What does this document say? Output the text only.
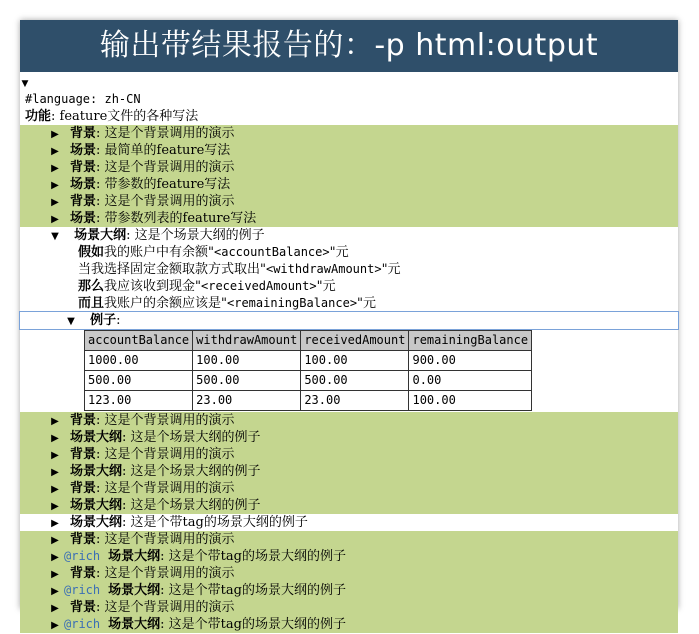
输出带结果报告的：-p html:output
▼
#language: zh-CN
功能: feature文件的各种写法
▶ 背景: 这是个背景调用的演示
▶ 场景: 最简单的feature写法
▶ 背景: 这是个背景调用的演示
▶ 场景: 带参数的feature写法
▶ 背景: 这是个背景调用的演示
▶ 场景: 带参数列表的feature写法
▼ 场景大纲: 这是个场景大纲的例子
假如我的账户中有余额"<accountBalance>"元
当我选择固定金额取款方式取出"<withdrawAmount>"元
那么我应该收到现金"<receivedAmount>"元
而且我账户的余额应该是"<remainingBalance>"元
▼ 例子:
accountBalance	withdrawAmount	receivedAmount	remainingBalance
1000.00	100.00	100.00	900.00
500.00	500.00	500.00	0.00
123.00	23.00	23.00	100.00
▶ 背景: 这是个背景调用的演示
▶ 场景大纲: 这是个场景大纲的例子
▶ 背景: 这是个背景调用的演示
▶ 场景大纲: 这是个场景大纲的例子
▶ 背景: 这是个背景调用的演示
▶ 场景大纲: 这是个场景大纲的例子
▶ 场景大纲: 这是个带tag的场景大纲的例子
▶ 背景: 这是个背景调用的演示
▶ @rich 场景大纲: 这是个带tag的场景大纲的例子
▶ 背景: 这是个背景调用的演示
▶ @rich 场景大纲: 这是个带tag的场景大纲的例子
▶ 背景: 这是个背景调用的演示
▶ @rich 场景大纲: 这是个带tag的场景大纲的例子
